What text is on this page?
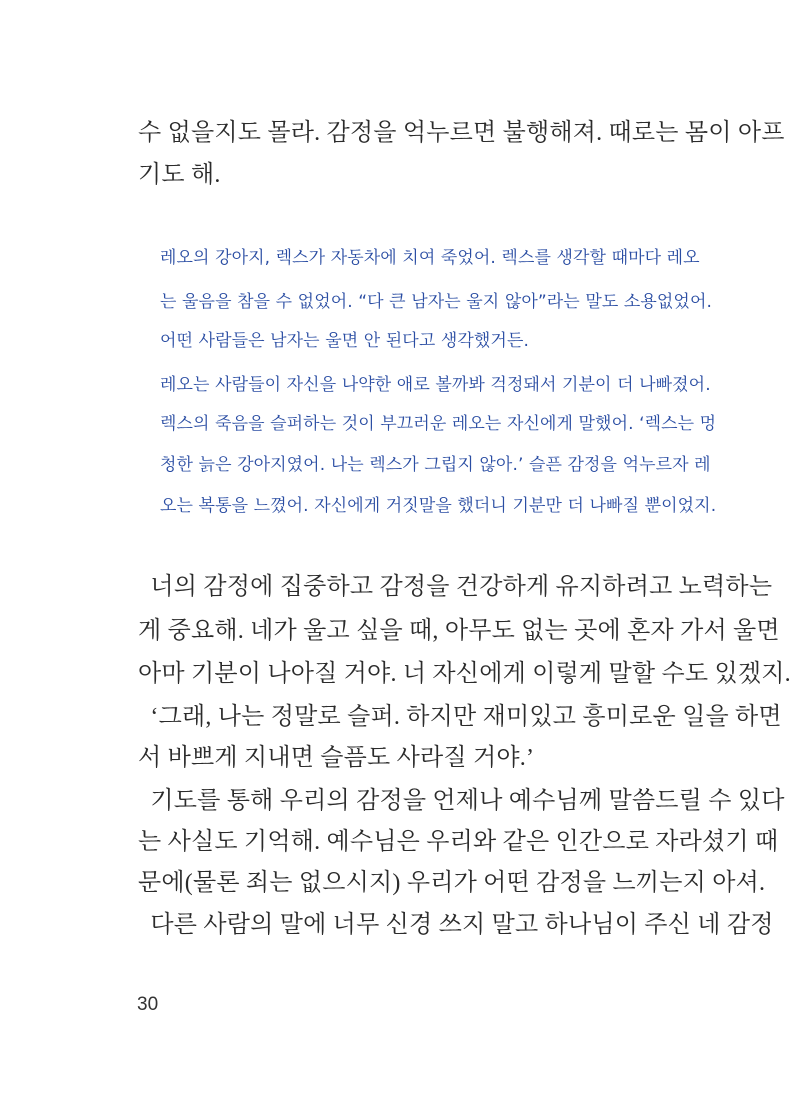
수 없을지도 몰라. 감정을 억누르면 불행해져. 때로는 몸이 아프
기도 해.
레오의 강아지, 렉스가 자동차에 치여 죽었어. 렉스를 생각할 때마다 레오
는 울음을 참을 수 없었어. “다 큰 남자는 울지 않아”라는 말도 소용없었어.
어떤 사람들은 남자는 울면 안 된다고 생각했거든.
레오는 사람들이 자신을 나약한 애로 볼까봐 걱정돼서 기분이 더 나빠졌어.
렉스의 죽음을 슬퍼하는 것이 부끄러운 레오는 자신에게 말했어. ‘렉스는 멍
청한 늙은 강아지였어. 나는 렉스가 그립지 않아.’ 슬픈 감정을 억누르자 레
오는 복통을 느꼈어. 자신에게 거짓말을 했더니 기분만 더 나빠질 뿐이었지.
너의 감정에 집중하고 감정을 건강하게 유지하려고 노력하는
게 중요해. 네가 울고 싶을 때, 아무도 없는 곳에 혼자 가서 울면
아마 기분이 나아질 거야. 너 자신에게 이렇게 말할 수도 있겠지.
‘그래, 나는 정말로 슬퍼. 하지만 재미있고 흥미로운 일을 하면
서 바쁘게 지내면 슬픔도 사라질 거야.’
기도를 통해 우리의 감정을 언제나 예수님께 말씀드릴 수 있다
는 사실도 기억해. 예수님은 우리와 같은 인간으로 자라셨기 때
문에(물론 죄는 없으시지) 우리가 어떤 감정을 느끼는지 아셔.
다른 사람의 말에 너무 신경 쓰지 말고 하나님이 주신 네 감정
30
